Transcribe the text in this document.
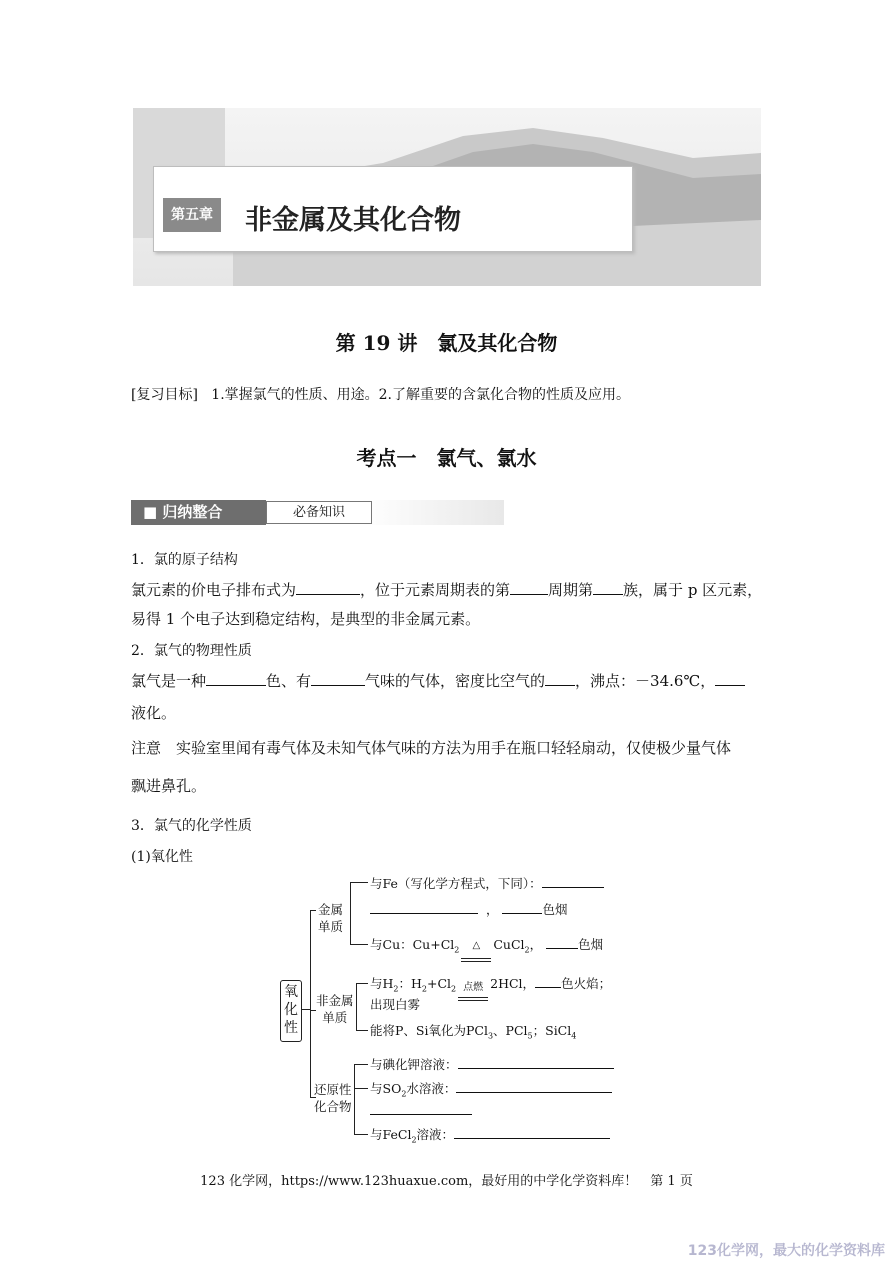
第五章 非金属及其化合物
第 19 讲　氯及其化合物
[复习目标] 1.掌握氯气的性质、用途。2.了解重要的含氯化合物的性质及应用。
考点一　氯气、氯水
■ 归纳整合	必备知识
1．氯的原子结构
氯元素的价电子排布式为	，位于元素周期表的第	周期第 族，属于 p 区元素，
易得 1 个电子达到稳定结构，是典型的非金属元素。
2．氯气的物理性质
氯气是一种	色、有	气味的气体，密度比空气的 ，沸点：－34.6℃，
液化。
注意　实验室里闻有毒气体及未知气体气味的方法为用手在瓶口轻轻扇动，仅使极少量气体
飘进鼻孔。
3．氯气的化学性质
(1)氧化性
氧
化
性
金属
单质
与Fe（写化学方程式，下同）：
，	色烟
与Cu：$Cu+Cl_2$	△	CuCl$_2$，	色烟
非金属
单质
与$H_2$：$H_2+Cl_2$ 点燃 2HCl， 色火焰；
出现白雾
能将P、Si氧化为PCl$_3$、PCl$_5$；SiCl$_4$
还原性
化合物
与碘化钾溶液：
与$SO_2$水溶液：
与FeCl$_2$溶液：
123 化学网，https://www.123huaxue.com，最好用的中学化学资料库！　第 1 页
123化学网，最大的化学资料库
